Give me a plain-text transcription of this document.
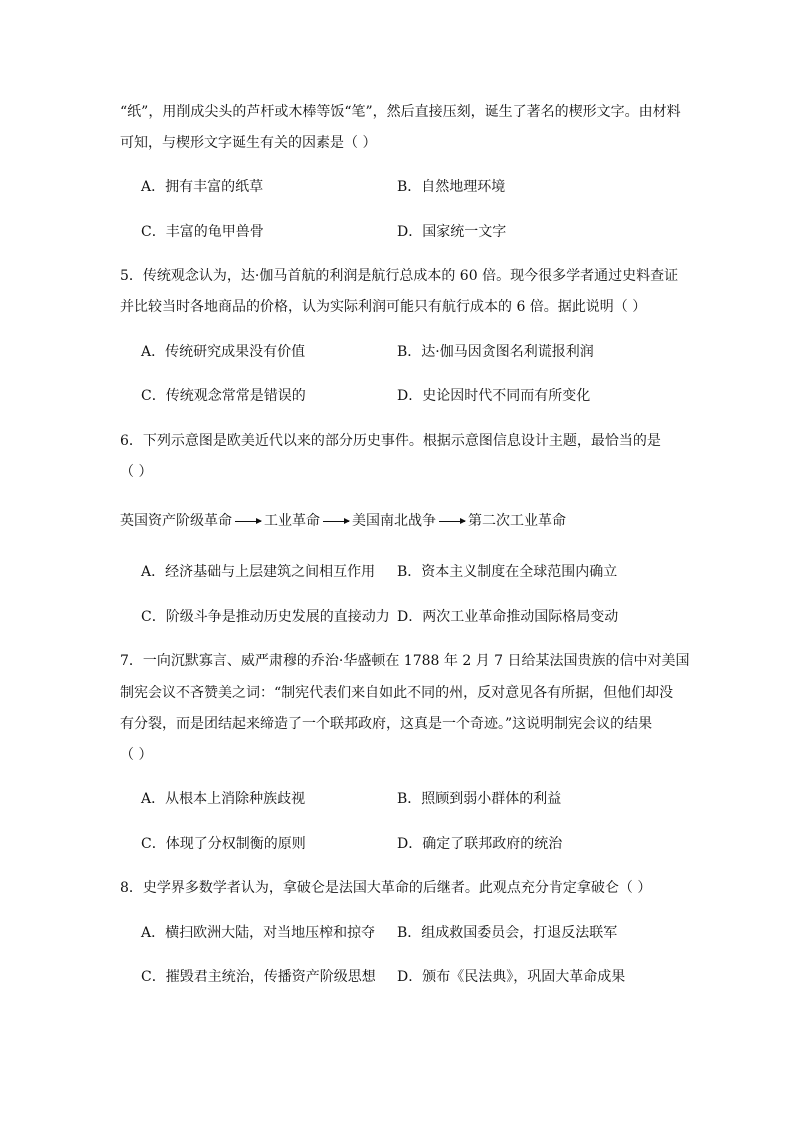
“纸”，用削成尖头的芦杆或木棒等饭“笔”，然后直接压刻，诞生了著名的楔形文字。由材料
可知，与楔形文字诞生有关的因素是（ ）
A．拥有丰富的纸草	B．自然地理环境
C．丰富的龟甲兽骨	D．国家统一文字
5．传统观念认为，达·伽马首航的利润是航行总成本的 60 倍。现今很多学者通过史料查证
并比较当时各地商品的价格，认为实际利润可能只有航行成本的 6 倍。据此说明（ ）
A．传统研究成果没有价值	B．达·伽马因贪图名利谎报利润
C．传统观念常常是错误的	D．史论因时代不同而有所变化
6．下列示意图是欧美近代以来的部分历史事件。根据示意图信息设计主题，最恰当的是
（ ）
英国资产阶级革命 工业革命 美国南北战争 第二次工业革命
A．经济基础与上层建筑之间相互作用 B．资本主义制度在全球范围内确立
C．阶级斗争是推动历史发展的直接动力 D．两次工业革命推动国际格局变动
7．一向沉默寡言、威严肃穆的乔治·华盛顿在 1788 年 2 月 7 日给某法国贵族的信中对美国
制宪会议不吝赞美之词：“制宪代表们来自如此不同的州，反对意见各有所据，但他们却没
有分裂，而是团结起来缔造了一个联邦政府，这真是一个奇迹。”这说明制宪会议的结果
（ ）
A．从根本上消除种族歧视	B．照顾到弱小群体的利益
C．体现了分权制衡的原则	D．确定了联邦政府的统治
8．史学界多数学者认为，拿破仑是法国大革命的后继者。此观点充分肯定拿破仑（ ）
A．横扫欧洲大陆，对当地压榨和掠夺 B．组成救国委员会，打退反法联军
C．摧毁君主统治，传播资产阶级思想 D．颁布《民法典》，巩固大革命成果
